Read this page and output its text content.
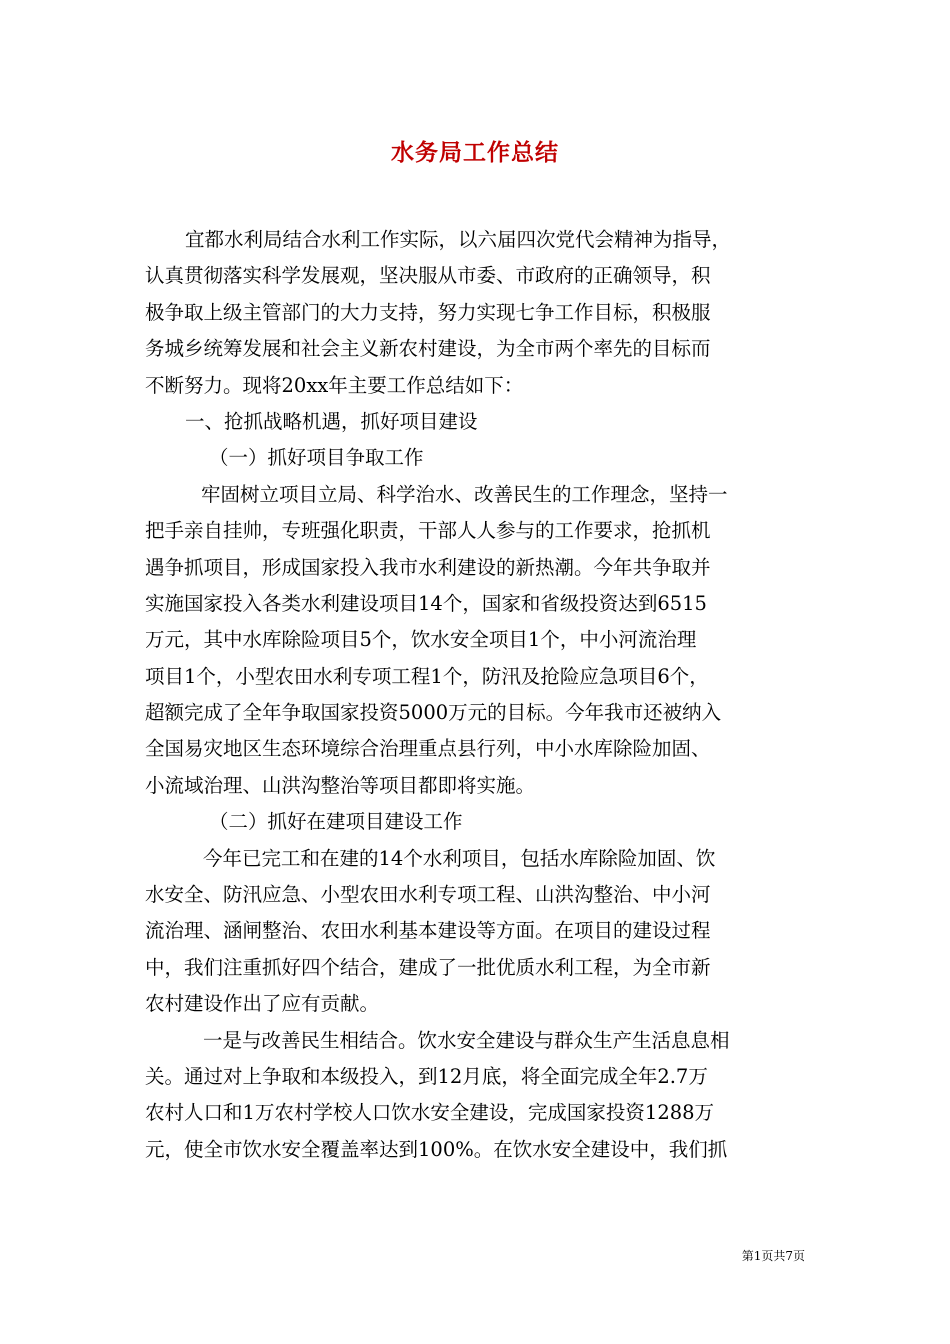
水务局工作总结
宜都水利局结合水利工作实际，以六届四次党代会精神为指导，
认真贯彻落实科学发展观，坚决服从市委、市政府的正确领导，积
极争取上级主管部门的大力支持，努力实现七争工作目标，积极服
务城乡统筹发展和社会主义新农村建设，为全市两个率先的目标而
不断努力。现将20xx年主要工作总结如下：
一、抢抓战略机遇，抓好项目建设
（一）抓好项目争取工作
牢固树立项目立局、科学治水、改善民生的工作理念，坚持一
把手亲自挂帅，专班强化职责，干部人人参与的工作要求，抢抓机
遇争抓项目，形成国家投入我市水利建设的新热潮。今年共争取并
实施国家投入各类水利建设项目14个，国家和省级投资达到6515
万元，其中水库除险项目5个，饮水安全项目1个，中小河流治理
项目1个，小型农田水利专项工程1个，防汛及抢险应急项目6个，
超额完成了全年争取国家投资5000万元的目标。今年我市还被纳入
全国易灾地区生态环境综合治理重点县行列，中小水库除险加固、
小流域治理、山洪沟整治等项目都即将实施。
（二）抓好在建项目建设工作
今年已完工和在建的14个水利项目，包括水库除险加固、饮
水安全、防汛应急、小型农田水利专项工程、山洪沟整治、中小河
流治理、涵闸整治、农田水利基本建设等方面。在项目的建设过程
中，我们注重抓好四个结合，建成了一批优质水利工程，为全市新
农村建设作出了应有贡献。
一是与改善民生相结合。饮水安全建设与群众生产生活息息相
关。通过对上争取和本级投入，到12月底，将全面完成全年2.7万
农村人口和1万农村学校人口饮水安全建设，完成国家投资1288万
元，使全市饮水安全覆盖率达到100%。在饮水安全建设中，我们抓
第1页共7页
